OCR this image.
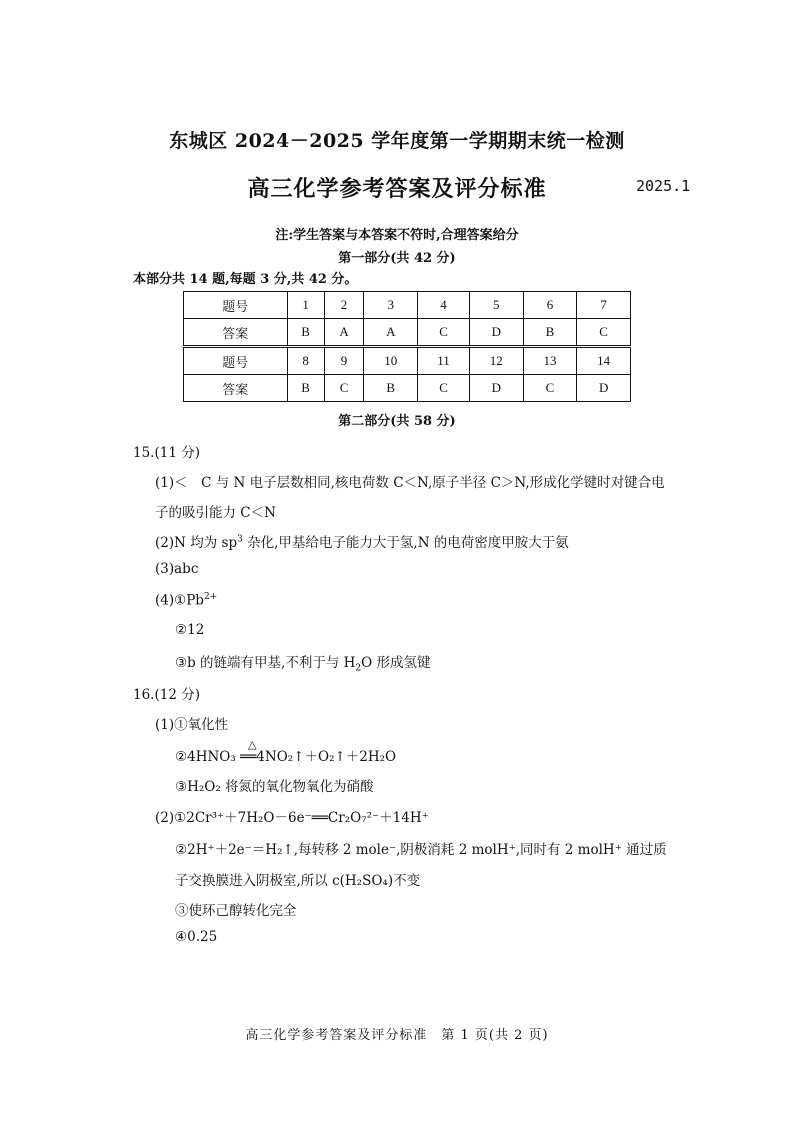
东城区 2024－2025 学年度第一学期期末统一检测
高三化学参考答案及评分标准	2025.1
注:学生答案与本答案不符时,合理答案给分
第一部分(共 42 分)
本部分共 14 题,每题 3 分,共 42 分。
题号	1	2	3	4	5	6	7
答案	B	A	A	C	D	B	C
题号	8	9	10	11	12	13	14
答案	B	C	B	C	D	C	D
第二部分(共 58 分)
15.(11 分)
(1)＜　C 与 N 电子层数相同,核电荷数 C＜N,原子半径 C＞N,形成化学键时对键合电
子的吸引能力 C＜N
(2)N 均为 $sp^3$ 杂化,甲基给电子能力大于氢,N 的电荷密度甲胺大于氨
(3)abc
$(4)①Pb^{2+}$
②12
③b 的链端有甲基,不利于与 $H_2O$ 形成氢键
16.(12 分)
(1)①氧化性
△
②4HNO₃ ══4NO₂↑＋O₂↑＋2H₂O
③H₂O₂ 将氮的氧化物氧化为硝酸
(2)①2Cr³⁺＋7H₂O－6e⁻══Cr₂O₇²⁻＋14H⁺
②2H⁺＋2e⁻＝H₂↑,每转移 2 mole⁻,阴极消耗 2 molH⁺,同时有 2 molH⁺ 通过质
子交换膜进入阴极室,所以 c(H₂SO₄)不变
③使环己醇转化完全
④0.25
高三化学参考答案及评分标准　第 1 页(共 2 页)
